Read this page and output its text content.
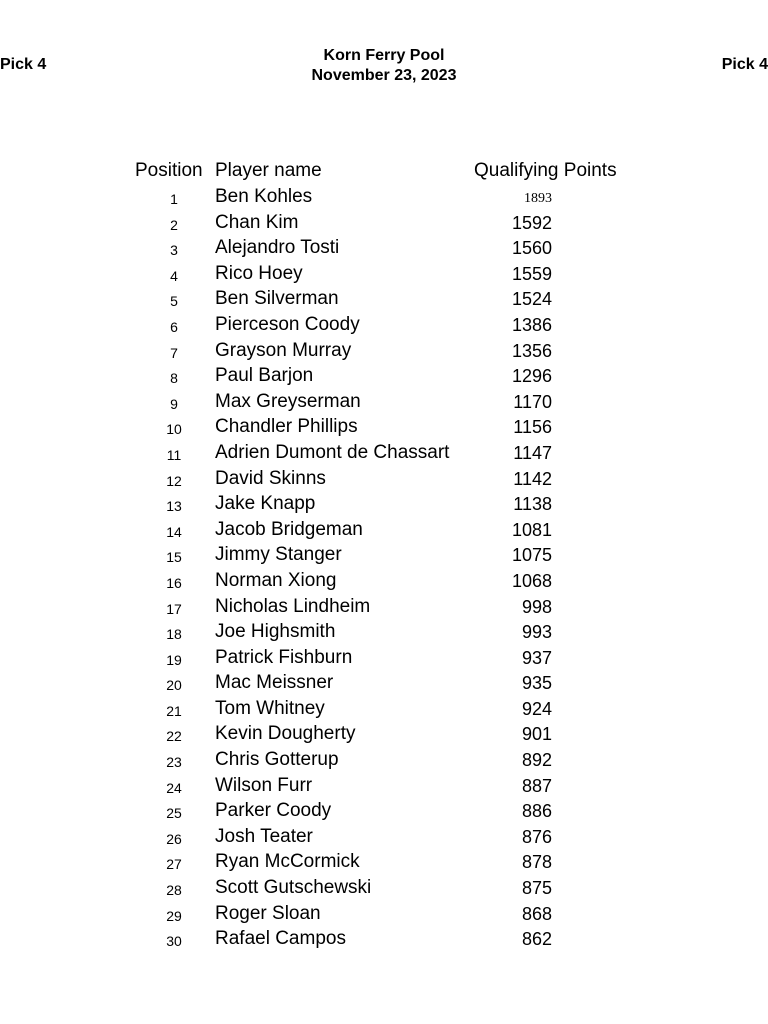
Pick 4	Pick 4
Korn Ferry Pool
November 23, 2023
Position Player name	Qualifying Points
1	Ben Kohles	1893
2	Chan Kim	1592
3	Alejandro Tosti	1560
4	Rico Hoey	1559
5	Ben Silverman	1524
6	Pierceson Coody	1386
7	Grayson Murray	1356
8	Paul Barjon	1296
9	Max Greyserman	1170
10	Chandler Phillips	1156
11	Adrien Dumont de Chassart	1147
12	David Skinns	1142
13	Jake Knapp	1138
14	Jacob Bridgeman	1081
15	Jimmy Stanger	1075
16	Norman Xiong	1068
17	Nicholas Lindheim	998
18	Joe Highsmith	993
19	Patrick Fishburn	937
20	Mac Meissner	935
21	Tom Whitney	924
22	Kevin Dougherty	901
23	Chris Gotterup	892
24	Wilson Furr	887
25	Parker Coody	886
26	Josh Teater	876
27	Ryan McCormick	878
28	Scott Gutschewski	875
29	Roger Sloan	868
30	Rafael Campos	862
